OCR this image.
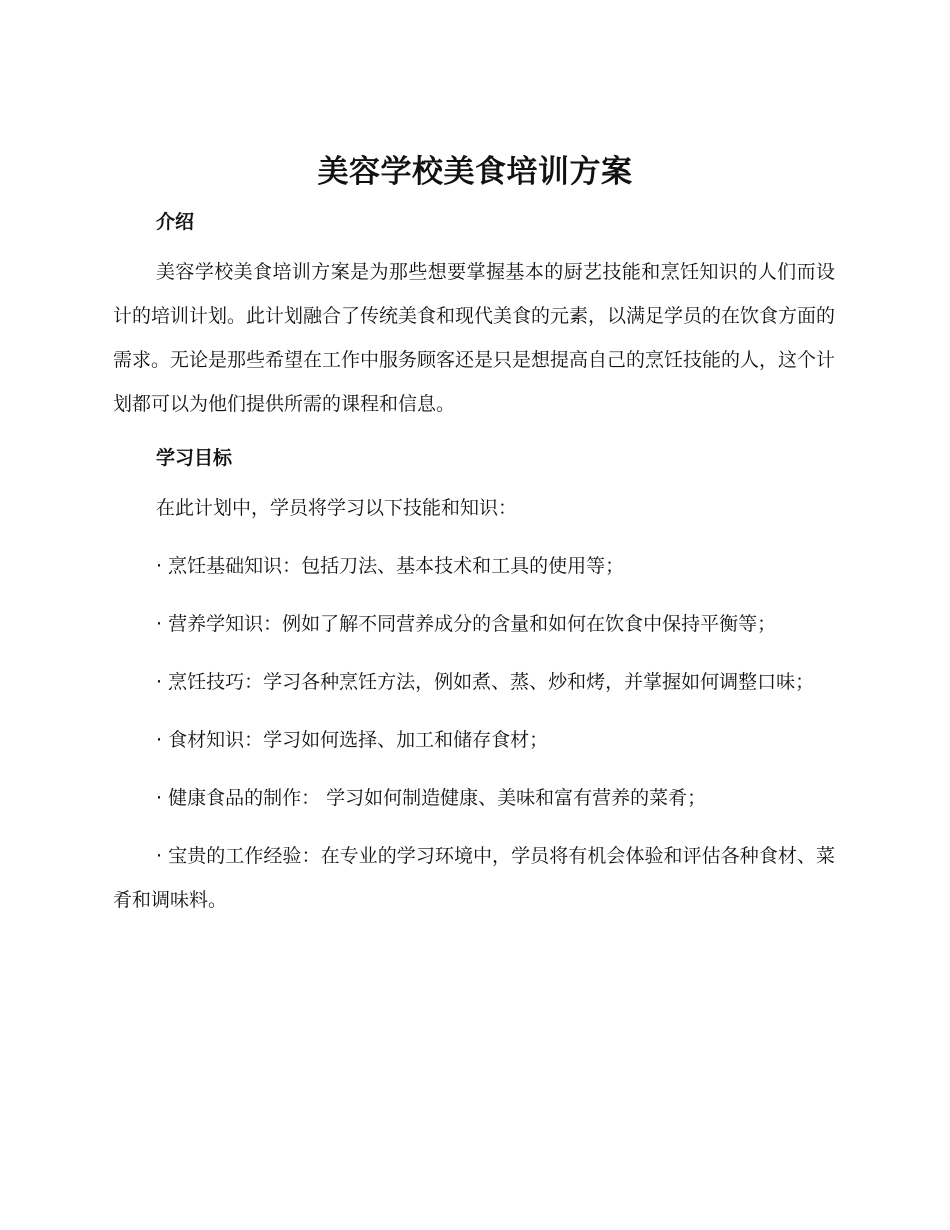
美容学校美食培训方案
介绍

美容学校美食培训方案是为那些想要掌握基本的厨艺技能和烹饪知识的人们而设计的培训计划。此计划融合了传统美食和现代美食的元素，以满足学员的在饮食方面的需求。无论是那些希望在工作中服务顾客还是只是想提高自己的烹饪技能的人，这个计划都可以为他们提供所需的课程和信息。

学习目标

在此计划中，学员将学习以下技能和知识：

· 烹饪基础知识：包括刀法、基本技术和工具的使用等；

· 营养学知识：例如了解不同营养成分的含量和如何在饮食中保持平衡等；

· 烹饪技巧：学习各种烹饪方法，例如煮、蒸、炒和烤，并掌握如何调整口味；

· 食材知识：学习如何选择、加工和储存食材；

· 健康食品的制作： 学习如何制造健康、美味和富有营养的菜肴；

· 宝贵的工作经验：在专业的学习环境中，学员将有机会体验和评估各种食材、菜肴和调味料。
